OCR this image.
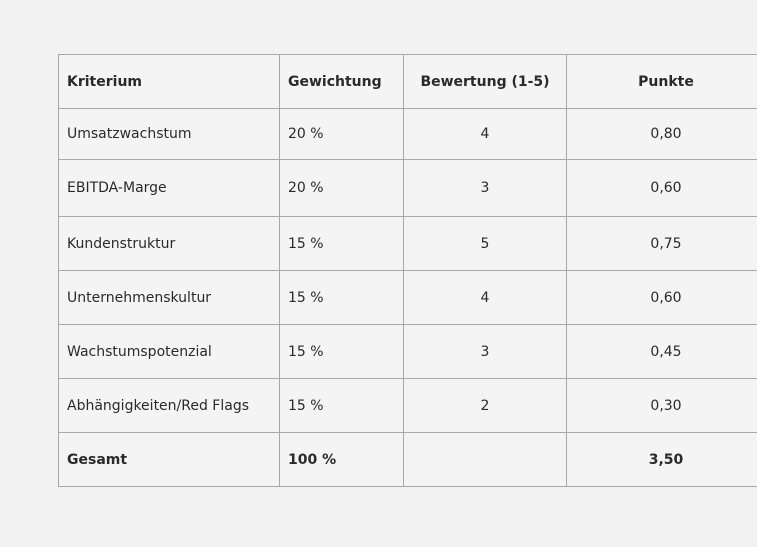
Kriterium	Gewichtung	Bewertung (1-5)	Punkte
Umsatzwachstum	20 %	4	0,80
EBITDA-Marge	20 %	3	0,60
Kundenstruktur	15 %	5	0,75
Unternehmenskultur	15 %	4	0,60
Wachstumspotenzial	15 %	3	0,45
Abhängigkeiten/Red Flags	15 %	2	0,30
Gesamt	100 %		3,50
